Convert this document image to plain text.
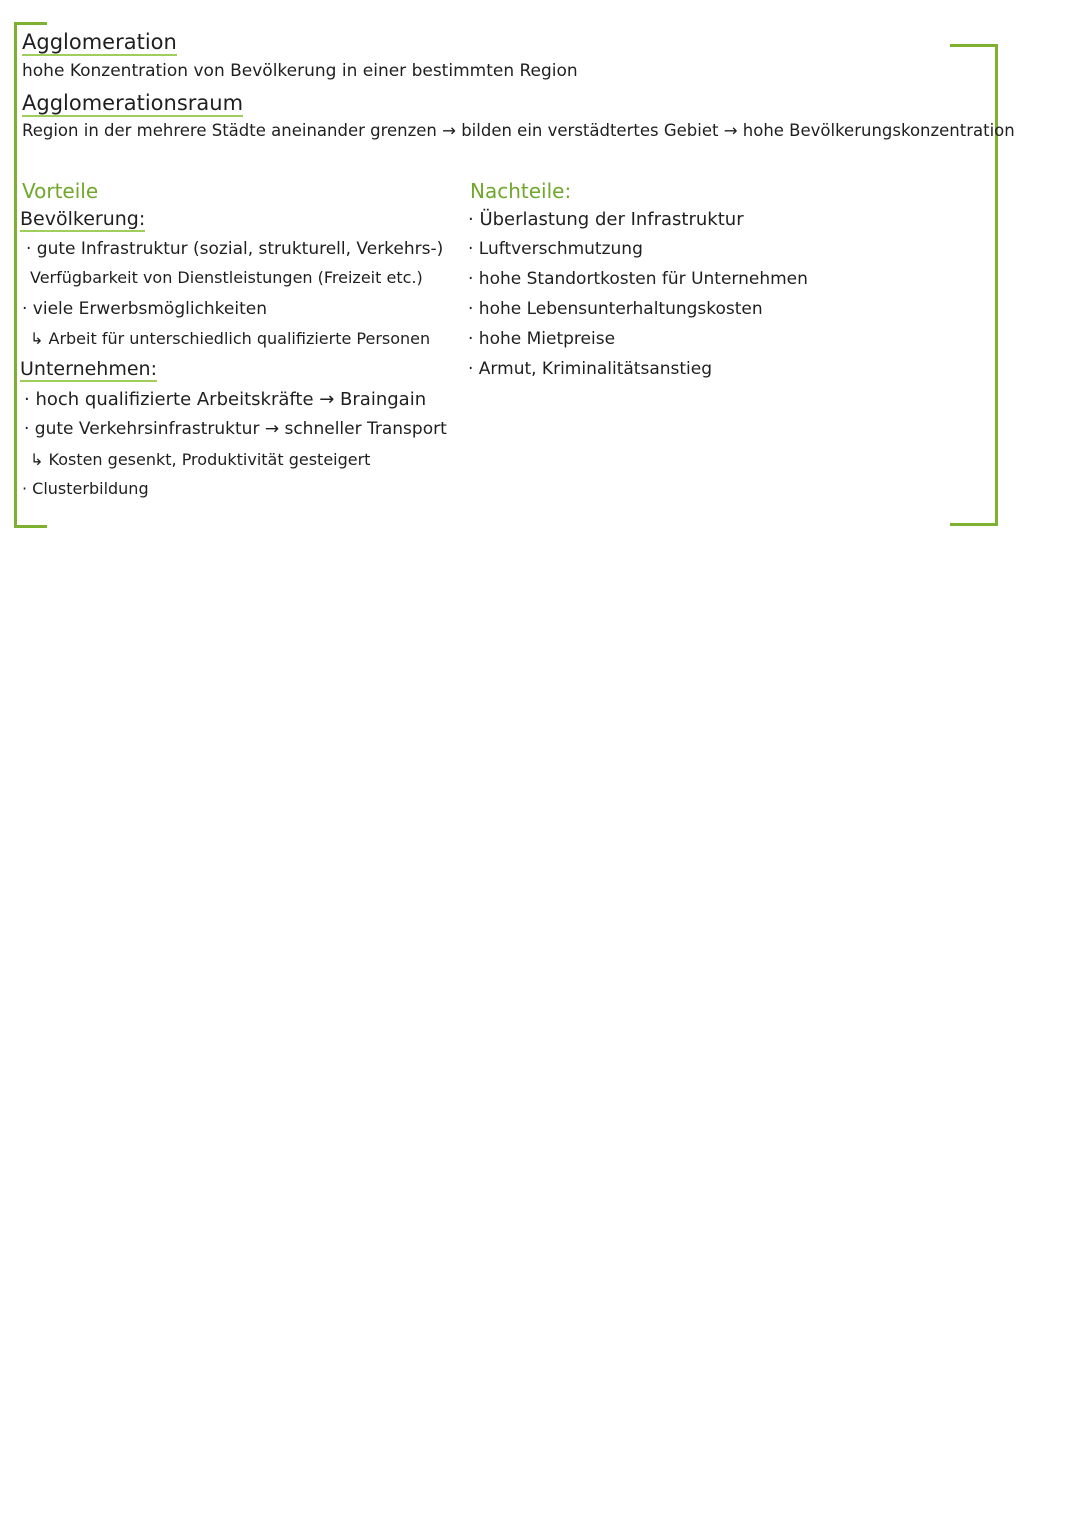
Agglomeration
hohe Konzentration von Bevölkerung in einer bestimmten Region
Agglomerationsraum
Region in der mehrere Städte aneinander grenzen → bilden ein verstädtertes Gebiet → hohe Bevölkerungskonzentration
Vorteile
Bevölkerung:
· gute Infrastruktur (sozial, strukturell, Verkehrs-)
Verfügbarkeit von Dienstleistungen (Freizeit etc.)
· viele Erwerbsmöglichkeiten
↳ Arbeit für unterschiedlich qualifizierte Personen
Unternehmen:
· hoch qualifizierte Arbeitskräfte → Braingain
· gute Verkehrsinfrastruktur → schneller Transport
↳ Kosten gesenkt, Produktivität gesteigert
· Clusterbildung
Nachteile:
· Überlastung der Infrastruktur
· Luftverschmutzung
· hohe Standortkosten für Unternehmen
· hohe Lebensunterhaltungskosten
· hohe Mietpreise
· Armut, Kriminalitätsanstieg
